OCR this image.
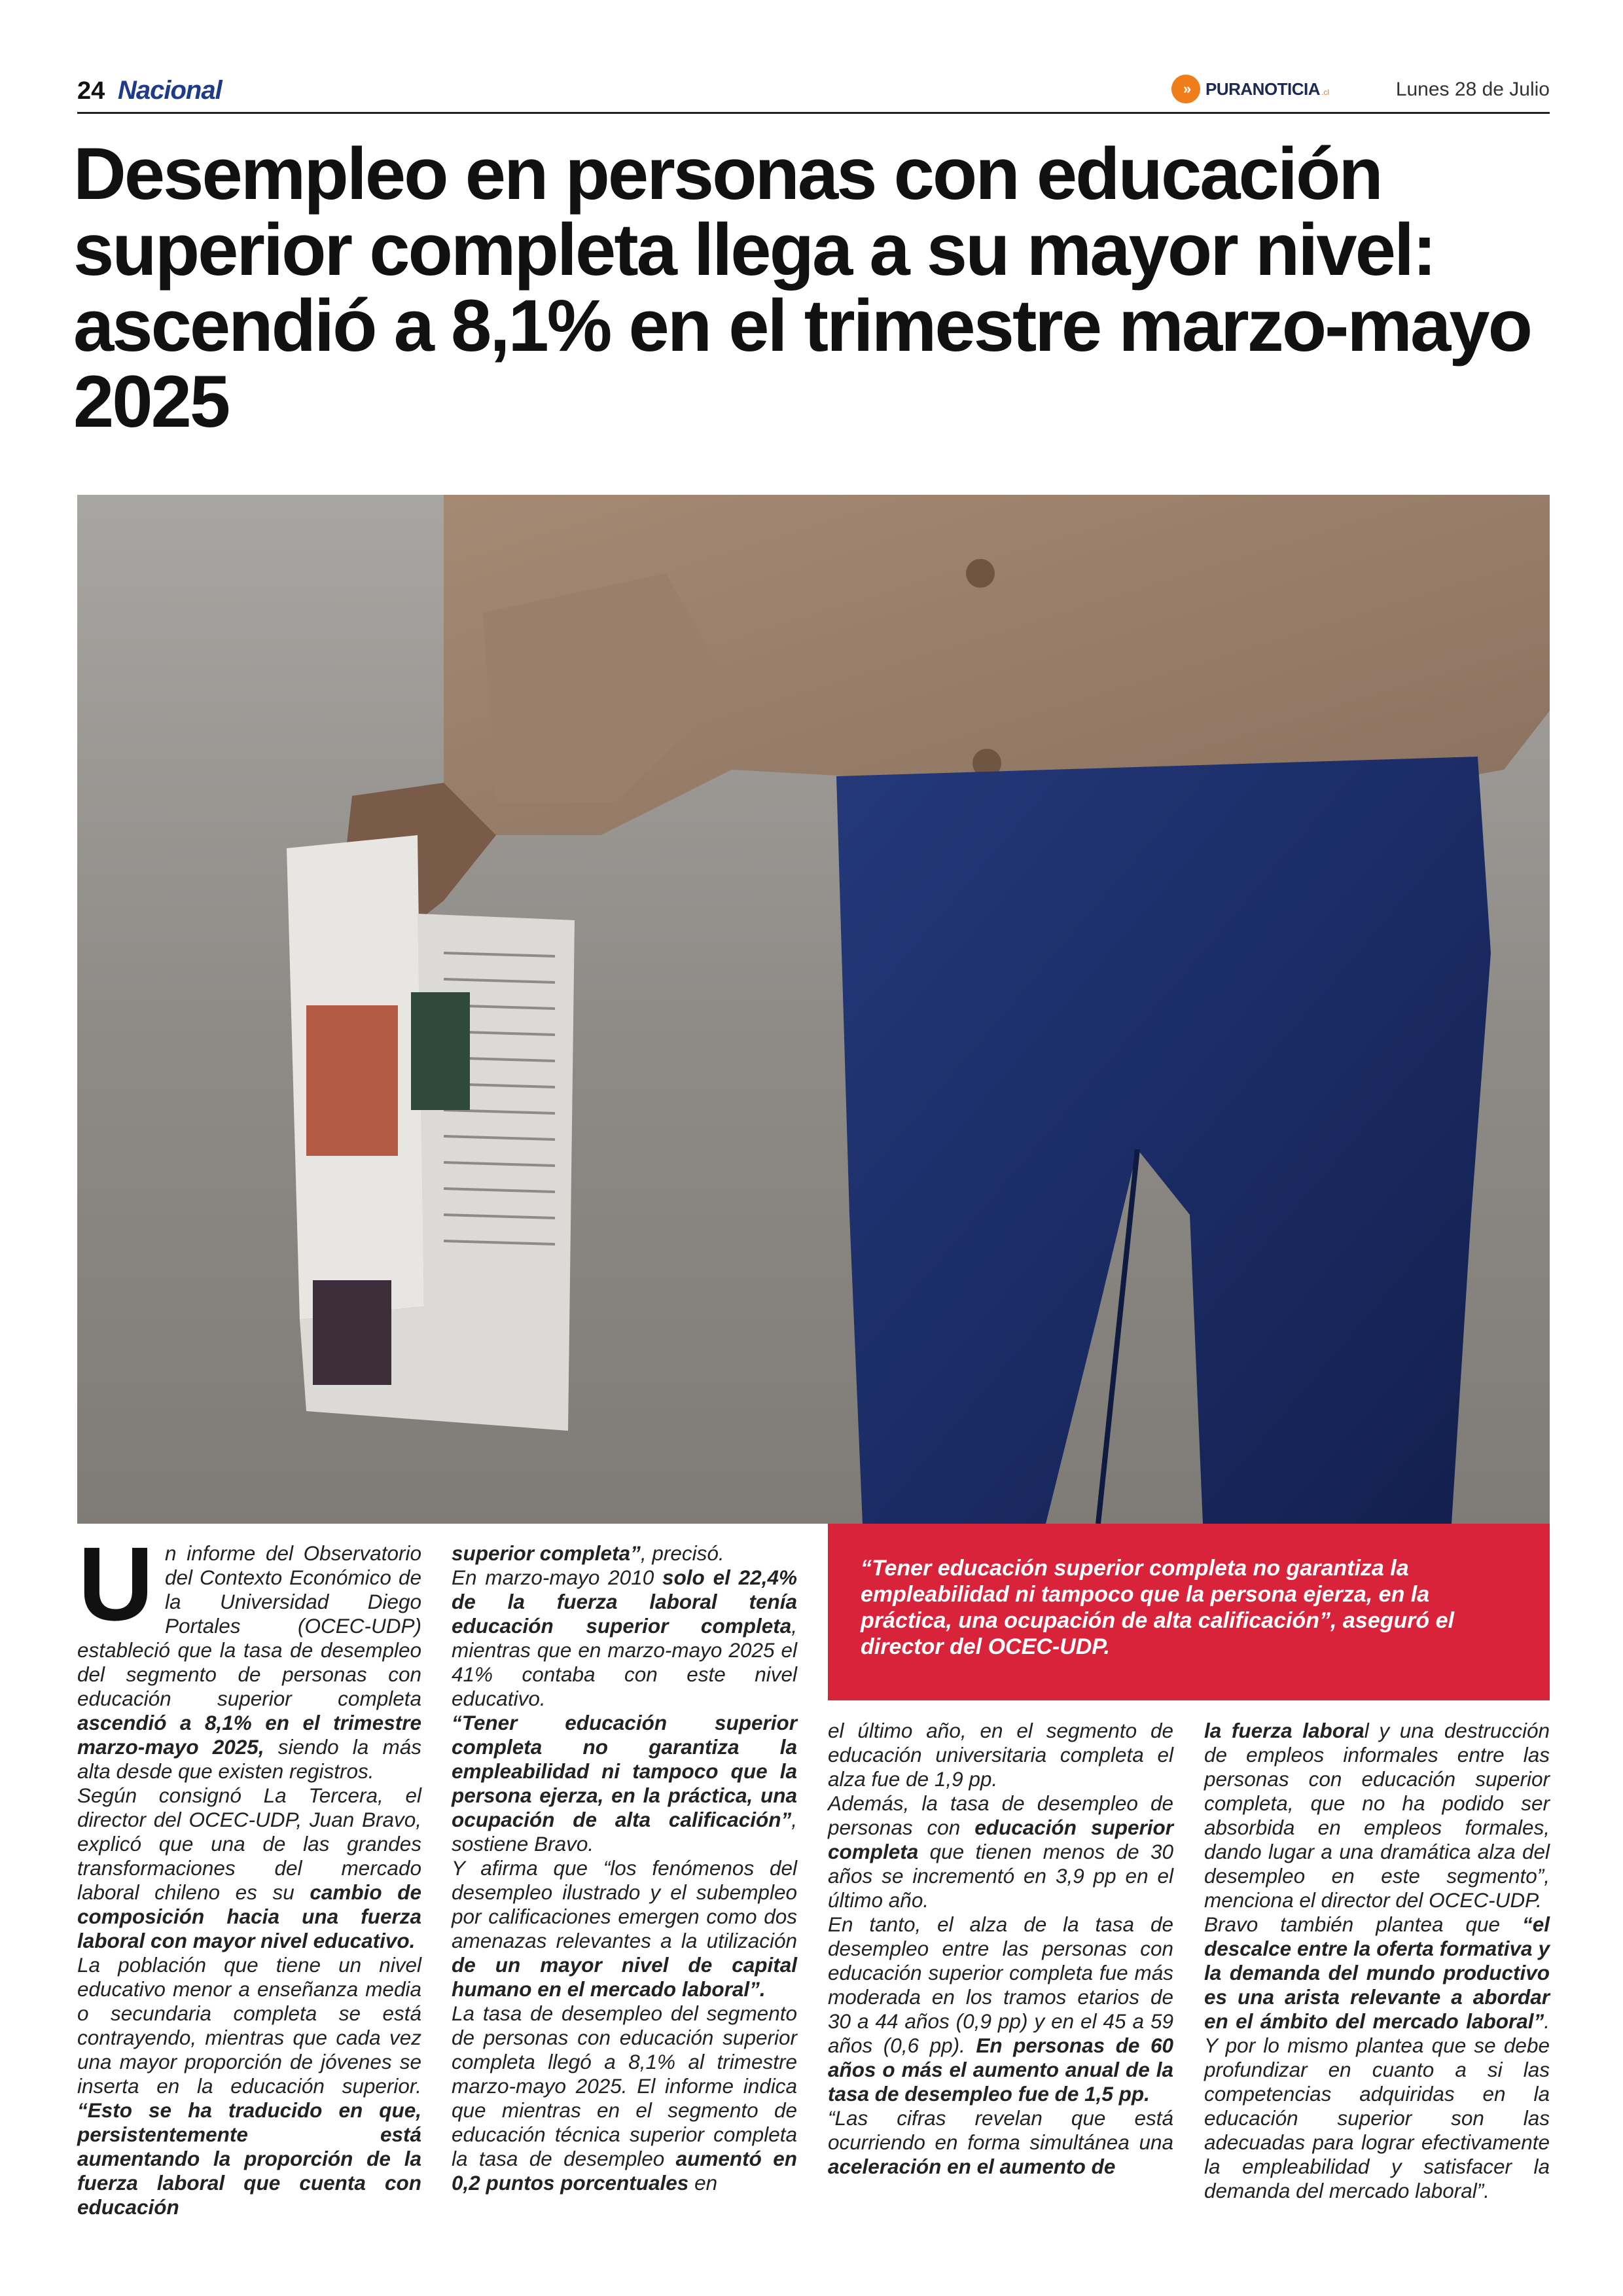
24 Nacional	» PURANOTICIA .cl	Lunes 28 de Julio
Desempleo en personas con educación superior completa llega a su mayor nivel: ascendió a 8,1% en el trimestre marzo-mayo 2025

“Tener educación superior completa no garantiza la empleabilidad ni tampoco que la persona ejerza, en la práctica, una ocupación de alta calificación”, aseguró el director del OCEC-UDP.

U n informe del Observatorio del Contexto Económico de la Universidad Diego Portales (OCEC-UDP) estableció que la tasa de desempleo del segmento de personas con educación superior completa ascendió a 8,1% en el trimestre marzo-mayo 2025, siendo la más alta desde que existen registros.

Según consignó La Tercera, el director del OCEC-UDP, Juan Bravo, explicó que una de las grandes transformaciones del mercado laboral chileno es su cambio de composición hacia una fuerza laboral con mayor nivel educativo.

La población que tiene un nivel educativo menor a enseñanza media o secundaria completa se está contrayendo, mientras que cada vez una mayor proporción de jóvenes se inserta en la educación superior. “Esto se ha traducido en que, persistentemente está aumentando la proporción de la fuerza laboral que cuenta con educación

superior completa”, precisó.

En marzo-mayo 2010 solo el 22,4% de la fuerza laboral tenía educación superior completa, mientras que en marzo-mayo 2025 el 41% contaba con este nivel educativo.

“Tener educación superior completa no garantiza la empleabilidad ni tampoco que la persona ejerza, en la práctica, una ocupación de alta calificación”, sostiene Bravo.

Y afirma que “los fenómenos del desempleo ilustrado y el subempleo por calificaciones emergen como dos amenazas relevantes a la utilización de un mayor nivel de capital humano en el mercado laboral”.

La tasa de desempleo del segmento de personas con educación superior completa llegó a 8,1% al trimestre marzo-mayo 2025. El informe indica que mientras en el segmento de educación técnica superior completa la tasa de desempleo aumentó en 0,2 puntos porcentuales en

el último año, en el segmento de educación universitaria completa el alza fue de 1,9 pp.

Además, la tasa de desempleo de personas con educación superior completa que tienen menos de 30 años se incrementó en 3,9 pp en el último año.

En tanto, el alza de la tasa de desempleo entre las personas con educación superior completa fue más moderada en los tramos etarios de 30 a 44 años (0,9 pp) y en el 45 a 59 años (0,6 pp). En personas de 60 años o más el aumento anual de la tasa de desempleo fue de 1,5 pp.

“Las cifras revelan que está ocurriendo en forma simultánea una aceleración en el aumento de

la fuerza laboral y una destrucción de empleos informales entre las personas con educación superior completa, que no ha podido ser absorbida en empleos formales, dando lugar a una dramática alza del desempleo en este segmento”, menciona el director del OCEC-UDP.

Bravo también plantea que “el descalce entre la oferta formativa y la demanda del mundo productivo es una arista relevante a abordar en el ámbito del mercado laboral”. Y por lo mismo plantea que se debe profundizar en cuanto a si las competencias adquiridas en la educación superior son las adecuadas para lograr efectivamente la empleabilidad y satisfacer la demanda del mercado laboral”.
